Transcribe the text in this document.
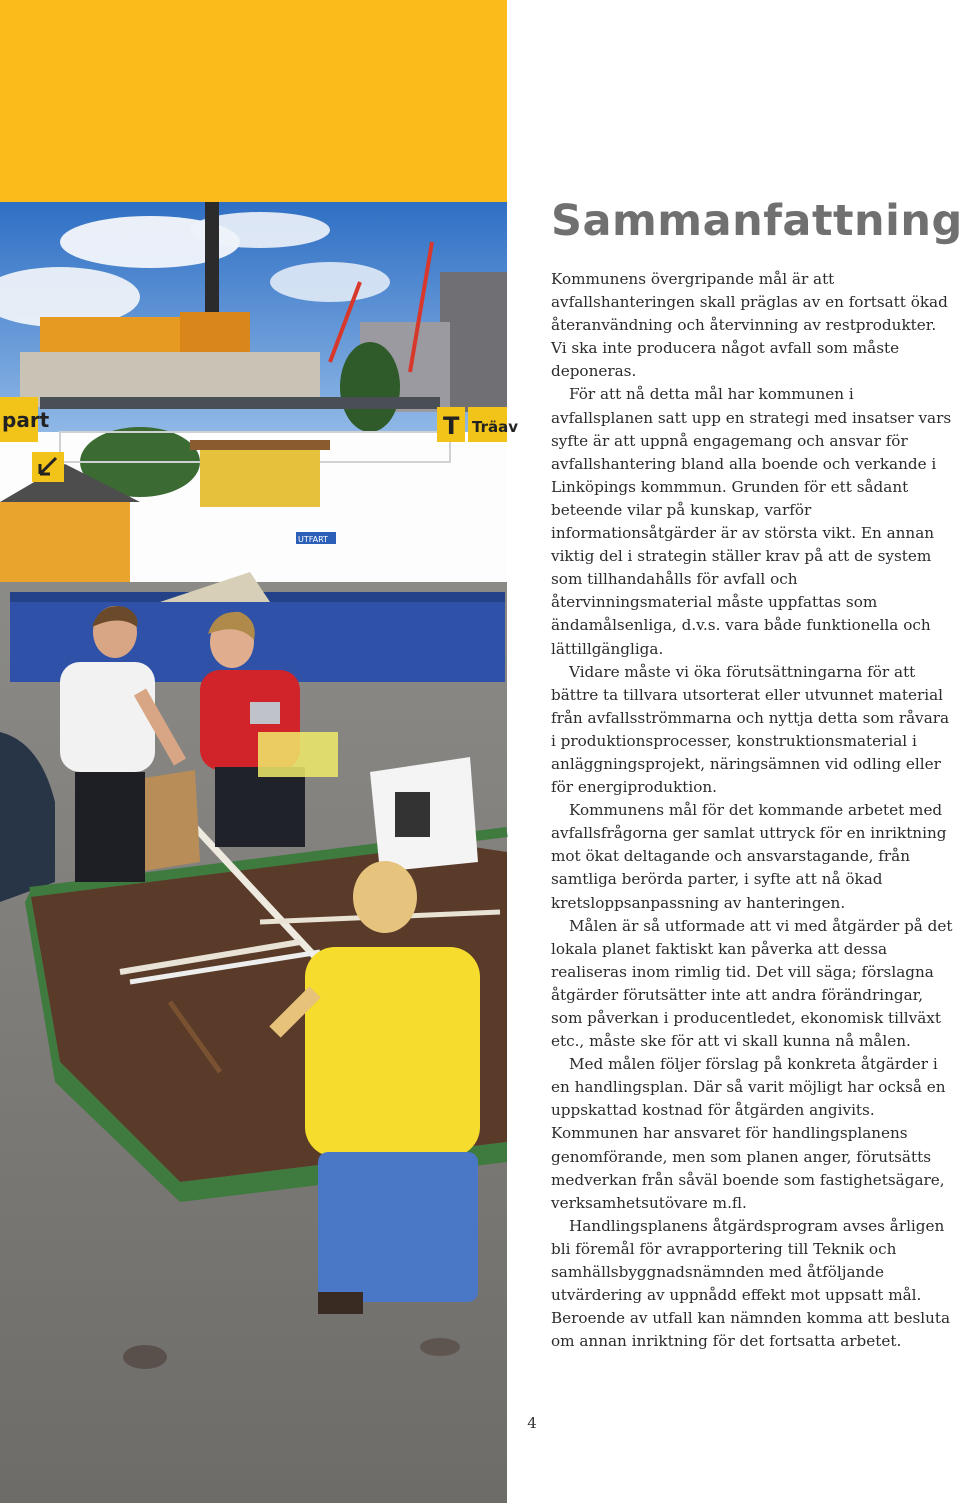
part	T Träav
UTFART
4
Sammanfattning

Kommunens övergripande mål är att avfallshanteringen skall präglas av en fortsatt ökad återanvändning och återvinning av restprodukter. Vi ska inte producera något avfall som måste deponeras.

För att nå detta mål har kommunen i avfallsplanen satt upp en strategi med insatser vars syfte är att uppnå engagemang och ansvar för avfallshantering bland alla boende och verkande i Linköpings kommmun. Grunden för ett sådant beteende vilar på kunskap, varför informationsåtgärder är av största vikt. En annan viktig del i strategin ställer krav på att de system som tillhandahålls för avfall och återvinningsmaterial måste uppfattas som ändamålsenliga, d.v.s. vara både funktionella och lättillgängliga.

Vidare måste vi öka förutsättningarna för att bättre ta tillvara utsorterat eller utvunnet material från avfallsströmmarna och nyttja detta som råvara i produktionsprocesser, konstruktionsmaterial i anläggningsprojekt, näringsämnen vid odling eller för energiproduktion.

Kommunens mål för det kommande arbetet med avfallsfrågorna ger samlat uttryck för en inriktning mot ökat deltagande och ansvarstagande, från samtliga berörda parter, i syfte att nå ökad kretsloppsanpassning av hanteringen.

Målen är så utformade att vi med åtgärder på det lokala planet faktiskt kan påverka att dessa realiseras inom rimlig tid. Det vill säga; förslagna åtgärder förutsätter inte att andra förändringar, som påverkan i producentledet, ekonomisk tillväxt etc., måste ske för att vi skall kunna nå målen.

Med målen följer förslag på konkreta åtgärder i en handlingsplan. Där så varit möjligt har också en uppskattad kostnad för åtgärden angivits. Kommunen har ansvaret för handlingsplanens genomförande, men som planen anger, förutsätts medverkan från såväl boende som fastighetsägare, verksamhetsutövare m.fl.

Handlingsplanens åtgärdsprogram avses årligen bli föremål för avrapportering till Teknik och samhällsbyggnadsnämnden med åtföljande utvärdering av uppnådd effekt mot uppsatt mål. Beroende av utfall kan nämnden komma att besluta om annan inriktning för det fortsatta arbetet.
